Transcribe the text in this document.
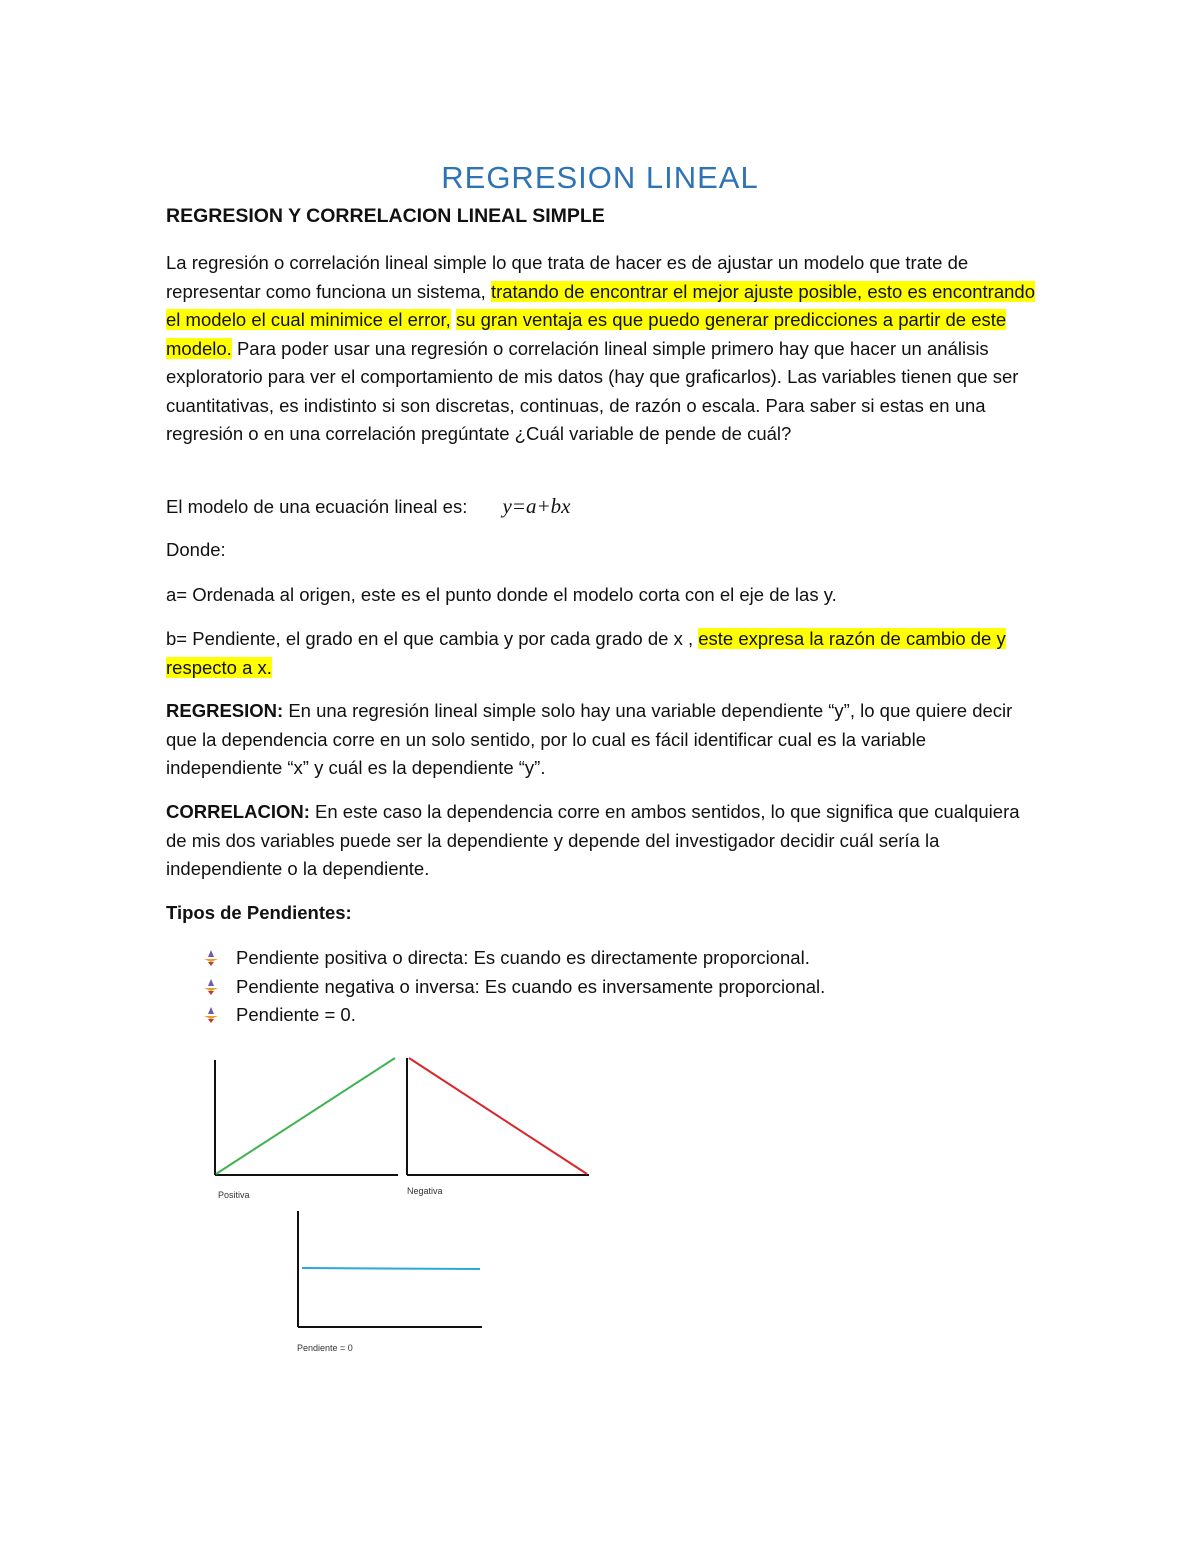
REGRESION LINEAL
REGRESION Y CORRELACION LINEAL SIMPLE
La regresión o correlación lineal simple lo que trata de hacer es de ajustar un modelo que trate de representar como funciona un sistema, tratando de encontrar el mejor ajuste posible, esto es encontrando el modelo el cual minimice el error, su gran ventaja es que puedo generar predicciones a partir de este modelo. Para poder usar una regresión o correlación lineal simple primero hay que hacer un análisis exploratorio para ver el comportamiento de mis datos (hay que graficarlos). Las variables tienen que ser cuantitativas, es indistinto si son discretas, continuas, de razón o escala. Para saber si estas en una regresión o en una correlación pregúntate ¿Cuál variable de pende de cuál?
El modelo de una ecuación lineal es: y=a+bx
Donde:
a= Ordenada al origen, este es el punto donde el modelo corta con el eje de las y.
b= Pendiente, el grado en el que cambia y por cada grado de x , este expresa la razón de cambio de y respecto a x.
REGRESION: En una regresión lineal simple solo hay una variable dependiente “y”, lo que quiere decir que la dependencia corre en un solo sentido, por lo cual es fácil identificar cual es la variable independiente “x” y cuál es la dependiente “y”.
CORRELACION: En este caso la dependencia corre en ambos sentidos, lo que significa que cualquiera de mis dos variables puede ser la dependiente y depende del investigador decidir cuál sería la independiente o la dependiente.
Tipos de Pendientes:
Pendiente positiva o directa: Es cuando es directamente proporcional.
Pendiente negativa o inversa: Es cuando es inversamente proporcional.
Pendiente = 0.
Positiva	Negativa
Pendiente = 0
